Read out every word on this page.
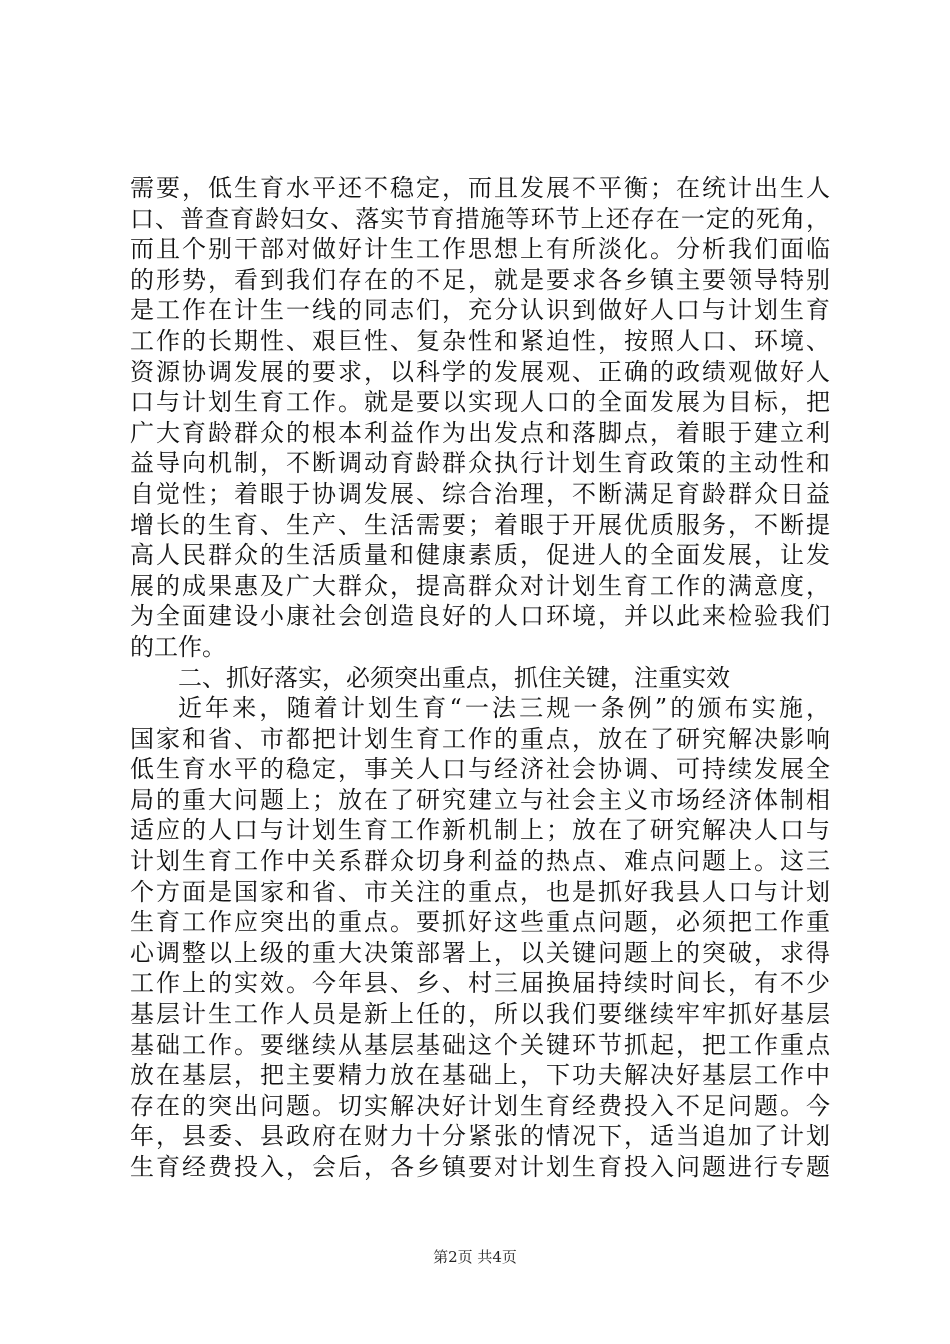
需要，低生育水平还不稳定，而且发展不平衡；在统计出生人
口、普查育龄妇女、落实节育措施等环节上还存在一定的死角，
而且个别干部对做好计生工作思想上有所淡化。分析我们面临
的形势，看到我们存在的不足，就是要求各乡镇主要领导特别
是工作在计生一线的同志们，充分认识到做好人口与计划生育
工作的长期性、艰巨性、复杂性和紧迫性，按照人口、环境、
资源协调发展的要求，以科学的发展观、正确的政绩观做好人
口与计划生育工作。就是要以实现人口的全面发展为目标，把
广大育龄群众的根本利益作为出发点和落脚点，着眼于建立利
益导向机制，不断调动育龄群众执行计划生育政策的主动性和
自觉性；着眼于协调发展、综合治理，不断满足育龄群众日益
增长的生育、生产、生活需要；着眼于开展优质服务，不断提
高人民群众的生活质量和健康素质，促进人的全面发展，让发
展的成果惠及广大群众，提高群众对计划生育工作的满意度，
为全面建设小康社会创造良好的人口环境，并以此来检验我们
的工作。
二、抓好落实，必须突出重点，抓住关键，注重实效
近年来，随着计划生育“一法三规一条例”的颁布实施，
国家和省、市都把计划生育工作的重点，放在了研究解决影响
低生育水平的稳定，事关人口与经济社会协调、可持续发展全
局的重大问题上；放在了研究建立与社会主义市场经济体制相
适应的人口与计划生育工作新机制上；放在了研究解决人口与
计划生育工作中关系群众切身利益的热点、难点问题上。这三
个方面是国家和省、市关注的重点，也是抓好我县人口与计划
生育工作应突出的重点。要抓好这些重点问题，必须把工作重
心调整以上级的重大决策部署上，以关键问题上的突破，求得
工作上的实效。今年县、乡、村三届换届持续时间长，有不少
基层计生工作人员是新上任的，所以我们要继续牢牢抓好基层
基础工作。要继续从基层基础这个关键环节抓起，把工作重点
放在基层，把主要精力放在基础上，下功夫解决好基层工作中
存在的突出问题。切实解决好计划生育经费投入不足问题。今
年，县委、县政府在财力十分紧张的情况下，适当追加了计划
生育经费投入，会后，各乡镇要对计划生育投入问题进行专题
第2页 共4页
